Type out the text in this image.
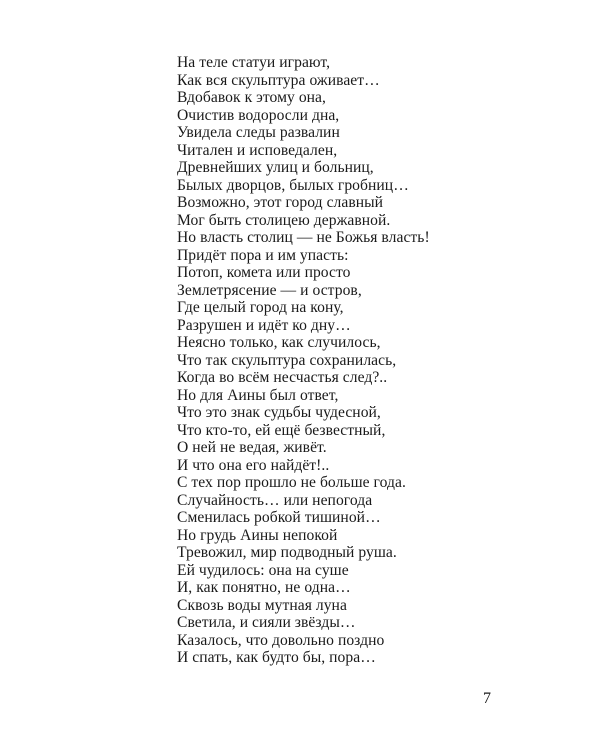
На теле статуи играют,
Как вся скульптура оживает…
Вдобавок к этому она,
Очистив водоросли дна,
Увидела следы развалин
Читален и исповедален,
Древнейших улиц и больниц,
Былых дворцов, былых гробниц…
Возможно, этот город славный
Мог быть столицею державной.
Но власть столиц — не Божья власть!
Придёт пора и им упасть:
Потоп, комета или просто
Землетрясение — и остров,
Где целый город на кону,
Разрушен и идёт ко дну…
Неясно только, как случилось,
Что так скульптура сохранилась,
Когда во всём несчастья след?..
Но для Аины был ответ,
Что это знак судьбы чудесной,
Что кто-то, ей ещё безвестный,
О ней не ведая, живёт.
И что она его найдёт!..
С тех пор прошло не больше года.
Случайность… или непогода
Сменилась робкой тишиной…
Но грудь Аины непокой
Тревожил, мир подводный руша.
Ей чудилось: она на суше
И, как понятно, не одна…
Сквозь воды мутная луна
Светила, и сияли звёзды…
Казалось, что довольно поздно
И спать, как будто бы, пора…
7
